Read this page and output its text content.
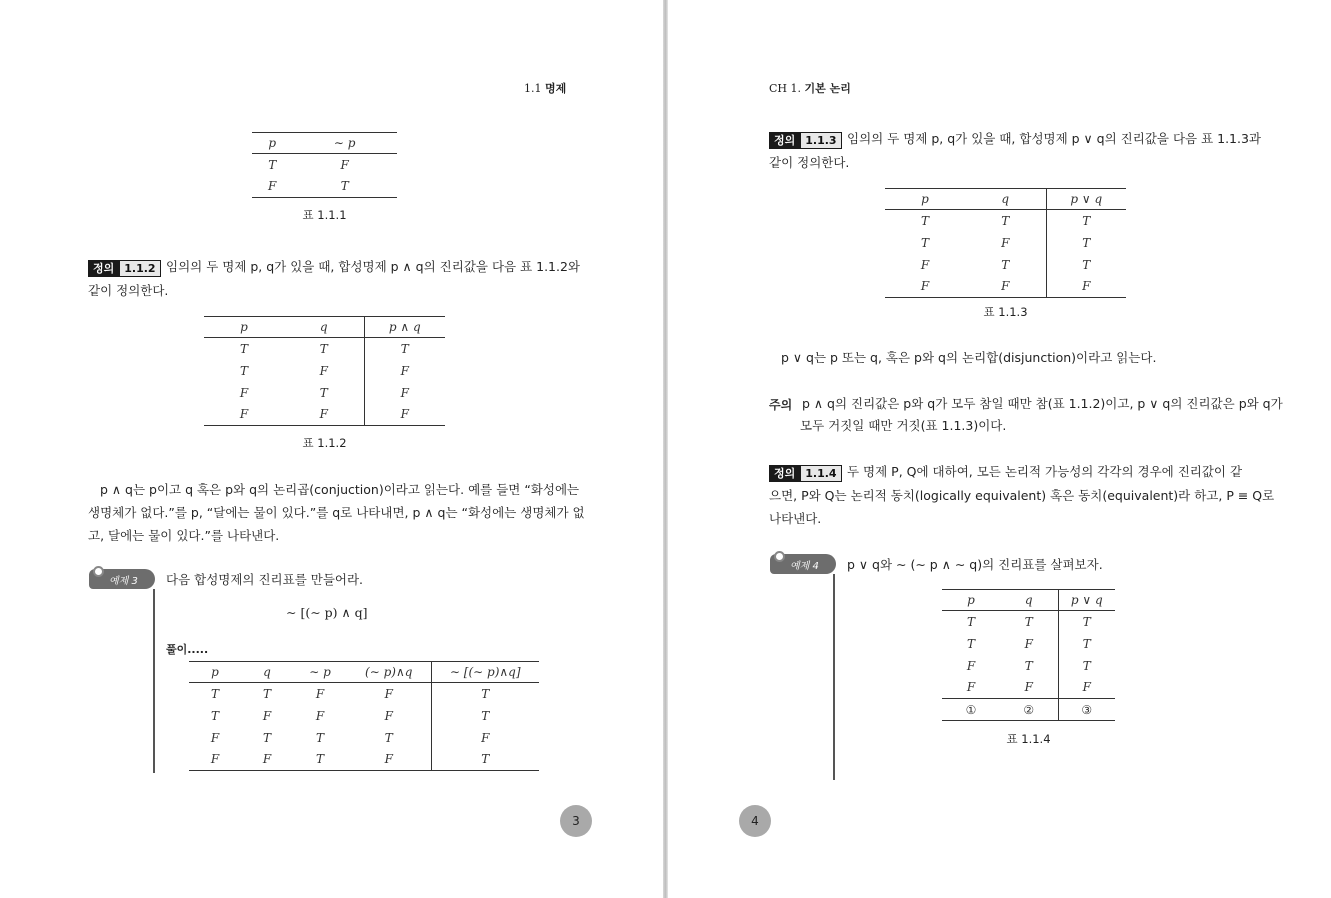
1.1 명제
p	∼ p
T	F
F	T
표 1.1.1
정의 1.1.2 임의의 두 명제 p, q가 있을 때, 합성명제 p ∧ q의 진리값을 다음 표 1.1.2와
같이 정의한다.
p	q	p ∧ q
T	T	T
T	F	F
F	T	F
F	F	F
표 1.1.2
p ∧ q는 p이고 q 혹은 p와 q의 논리곱(conjuction)이라고 읽는다. 예를 들면 “화성에는
생명체가 없다.”를 p, “달에는 물이 있다.”를 q로 나타내면, p ∧ q는 “화성에는 생명체가 없
고, 달에는 물이 있다.”를 나타낸다.
예제 3 다음 합성명제의 진리표를 만들어라.
∼ [(∼ p) ∧ q]
풀이.....
p	q	∼ p	(∼ p)∧q	∼ [(∼ p)∧q]
T	T	F	F	T
T	F	F	F	T
F	T	T	T	F
F	F	T	F	T
3
CH 1. 기본 논리
정의 1.1.3 임의의 두 명제 p, q가 있을 때, 합성명제 p ∨ q의 진리값을 다음 표 1.1.3과
같이 정의한다.
p	q	p ∨ q
T	T	T
T	F	T
F	T	T
F	F	F
표 1.1.3
p ∨ q는 p 또는 q, 혹은 p와 q의 논리합(disjunction)이라고 읽는다.
주의 p ∧ q의 진리값은 p와 q가 모두 참일 때만 참(표 1.1.2)이고, p ∨ q의 진리값은 p와 q가
모두 거짓일 때만 거짓(표 1.1.3)이다.
정의 1.1.4 두 명제 P, Q에 대하여, 모든 논리적 가능성의 각각의 경우에 진리값이 같
으면, P와 Q는 논리적 동치(logically equivalent) 혹은 동치(equivalent)라 하고, P ≡ Q로
나타낸다.
예제 4 p ∨ q와 ∼ (∼ p ∧ ∼ q)의 진리표를 살펴보자.
p	q	p ∨ q
T	T	T
T	F	T
F	T	T
F	F	F
①	②	③
표 1.1.4
4
